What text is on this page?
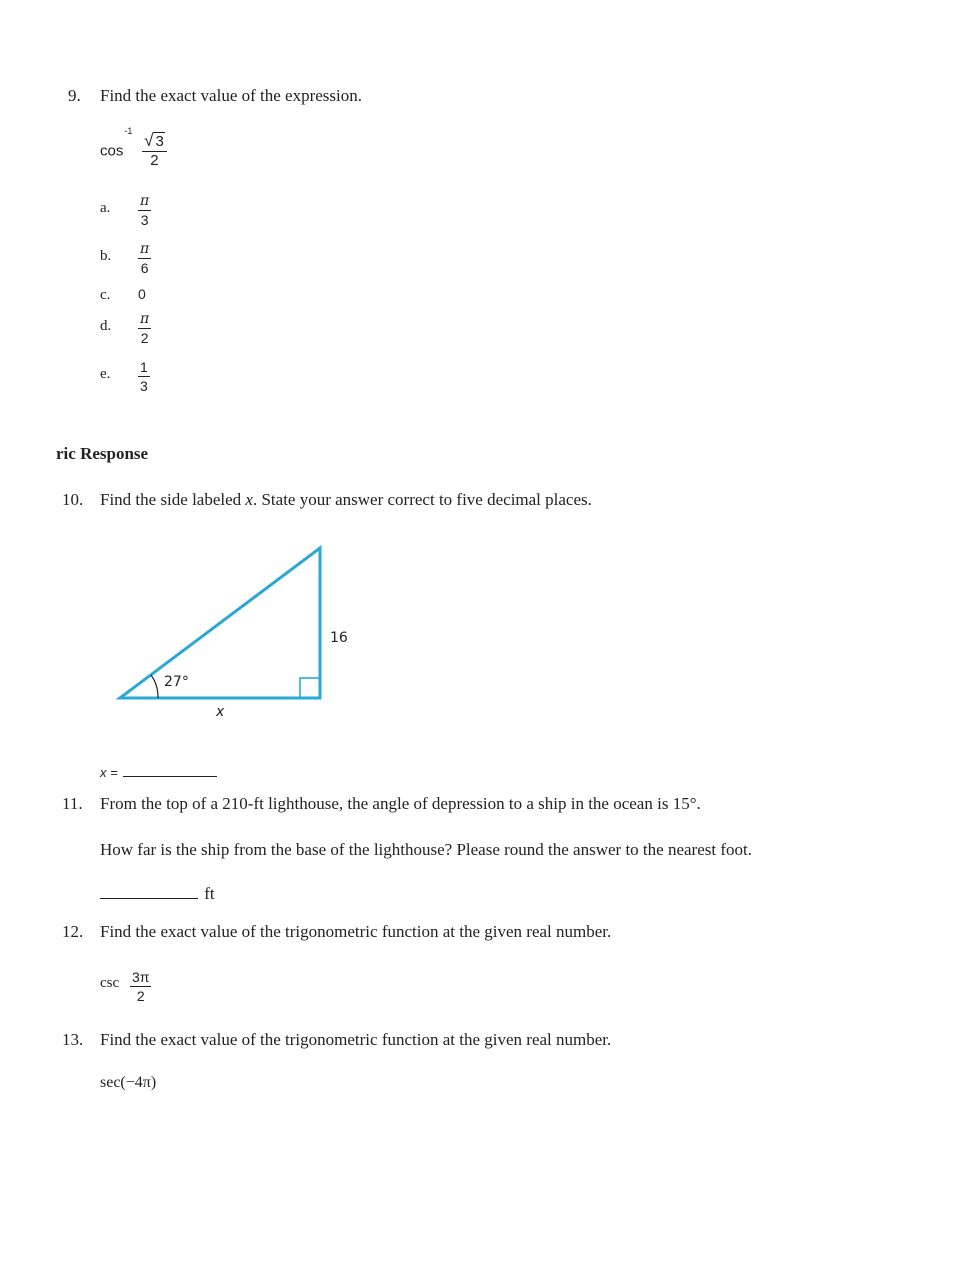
9. Find the exact value of the expression.
$\cos^{-1}$
$\frac{√ 3}{2}$
a. $\frac{\pi}{3}$
b. $\frac{\pi}{6}$
c. 0
d. $\frac{\pi}{2}$
e. $\frac{1}{3}$
ric Response
10. Find the side labeled x. State your answer correct to five decimal places.
27°
16
x
x =
11. From the top of a 210-ft lighthouse, the angle of depression to a ship in the ocean is 15°.
How far is the ship from the base of the lighthouse? Please round the answer to the nearest foot.
ft
12. Find the exact value of the trigonometric function at the given real number.
$\csc \frac{3\pi}{2}$
13. Find the exact value of the trigonometric function at the given real number.
sec(−4π)
